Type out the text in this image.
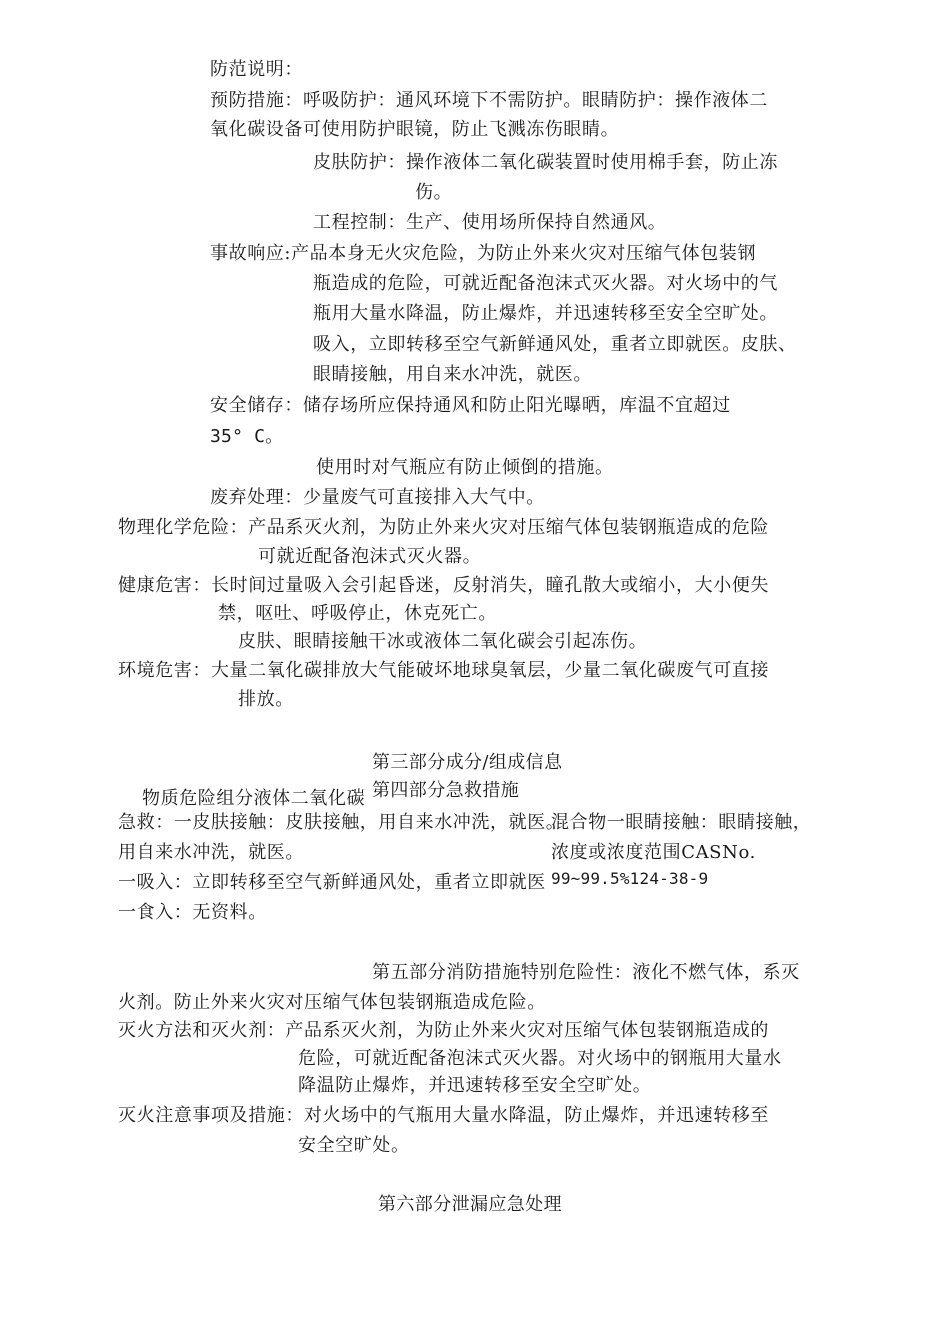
防范说明：
预防措施：呼吸防护：通风环境下不需防护。眼睛防护：操作液体二
氧化碳设备可使用防护眼镜，防止飞溅冻伤眼睛。
皮肤防护：操作液体二氧化碳装置时使用棉手套，防止冻
伤。
工程控制：生产、使用场所保持自然通风。
事故响应:产品本身无火灾危险，为防止外来火灾对压缩气体包装钢
瓶造成的危险，可就近配备泡沫式灭火器。对火场中的气
瓶用大量水降温，防止爆炸，并迅速转移至安全空旷处。
吸入，立即转移至空气新鲜通风处，重者立即就医。皮肤、
眼睛接触，用自来水冲洗，就医。
安全储存：储存场所应保持通风和防止阳光曝晒，库温不宜超过
35° C。
使用时对气瓶应有防止倾倒的措施。
废弃处理：少量废气可直接排入大气中。
物理化学危险：产品系灭火剂，为防止外来火灾对压缩气体包装钢瓶造成的危险
可就近配备泡沫式灭火器。
健康危害：长时间过量吸入会引起昏迷，反射消失，瞳孔散大或缩小，大小便失
禁，呕吐、呼吸停止，休克死亡。
皮肤、眼睛接触干冰或液体二氧化碳会引起冻伤。
环境危害：大量二氧化碳排放大气能破坏地球臭氧层，少量二氧化碳废气可直接
排放。
第三部分成分/组成信息
物质危险组分液体二氧化碳 第四部分急救措施
急救：一皮肤接触：皮肤接触，用自来水冲洗，就医。
混合物一眼睛接触：眼睛接触，
用自来水冲洗，就医。	浓度或浓度范围CASNo.
一吸入：立即转移至空气新鲜通风处，重者立即就医 99~99.5%124-38-9
一食入：无资料。
第五部分消防措施特别危险性：液化不燃气体，系灭
火剂。防止外来火灾对压缩气体包装钢瓶造成危险。
灭火方法和灭火剂：产品系灭火剂，为防止外来火灾对压缩气体包装钢瓶造成的
危险，可就近配备泡沫式灭火器。对火场中的钢瓶用大量水
降温防止爆炸，并迅速转移至安全空旷处。
灭火注意事项及措施：对火场中的气瓶用大量水降温，防止爆炸，并迅速转移至
安全空旷处。
第六部分泄漏应急处理
